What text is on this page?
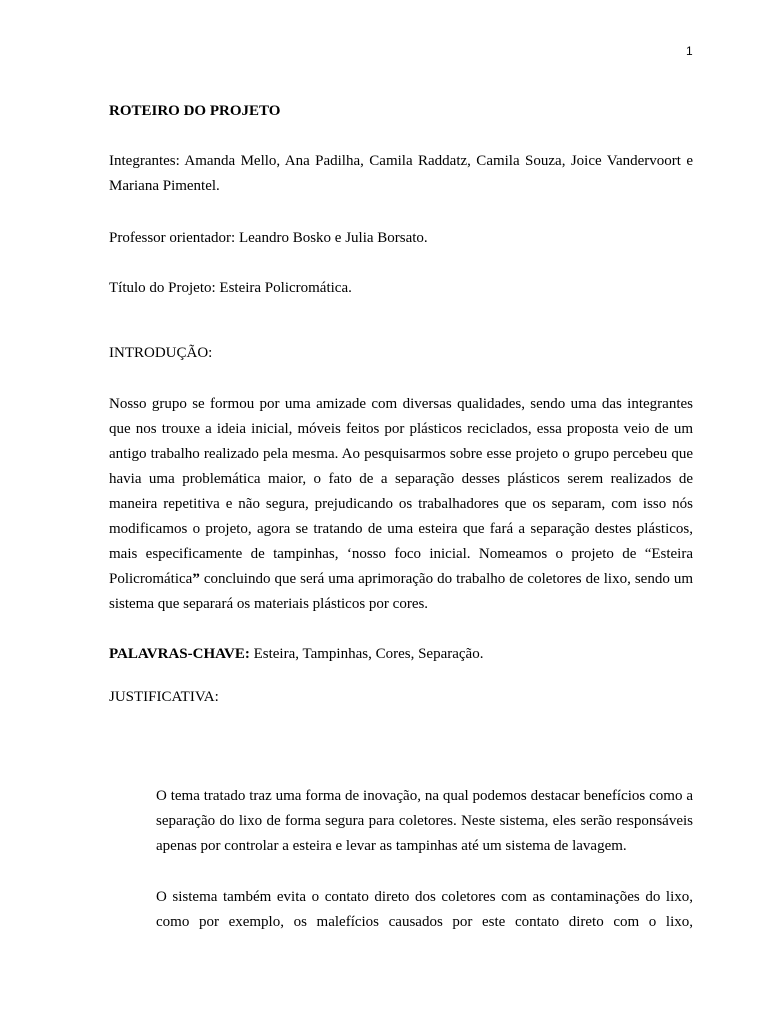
1

ROTEIRO DO PROJETO

Integrantes: Amanda Mello, Ana Padilha, Camila Raddatz, Camila Souza, Joice Vandervoort e Mariana Pimentel.

Professor orientador: Leandro Bosko e Julia Borsato.

Título do Projeto: Esteira Policromática.

INTRODUÇÃO:

Nosso grupo se formou por uma amizade com diversas qualidades, sendo uma das integrantes que nos trouxe a ideia inicial, móveis feitos por plásticos reciclados, essa proposta veio de um antigo trabalho realizado pela mesma. Ao pesquisarmos sobre esse projeto o grupo percebeu que havia uma problemática maior, o fato de a separação desses plásticos serem realizados de maneira repetitiva e não segura, prejudicando os trabalhadores que os separam, com isso nós modificamos o projeto, agora se tratando de uma esteira que fará a separação destes plásticos, mais especificamente de tampinhas, ‘nosso foco inicial. Nomeamos o projeto de “Esteira Policromática” concluindo que será uma aprimoração do trabalho de coletores de lixo, sendo um sistema que separará os materiais plásticos por cores.

PALAVRAS-CHAVE: Esteira, Tampinhas, Cores, Separação.

JUSTIFICATIVA:

O tema tratado traz uma forma de inovação, na qual podemos destacar benefícios como a separação do lixo de forma segura para coletores. Neste sistema, eles serão responsáveis apenas por controlar a esteira e levar as tampinhas até um sistema de lavagem.

O sistema também evita o contato direto dos coletores com as contaminações do lixo, como por exemplo, os malefícios causados por este contato direto com o lixo,
